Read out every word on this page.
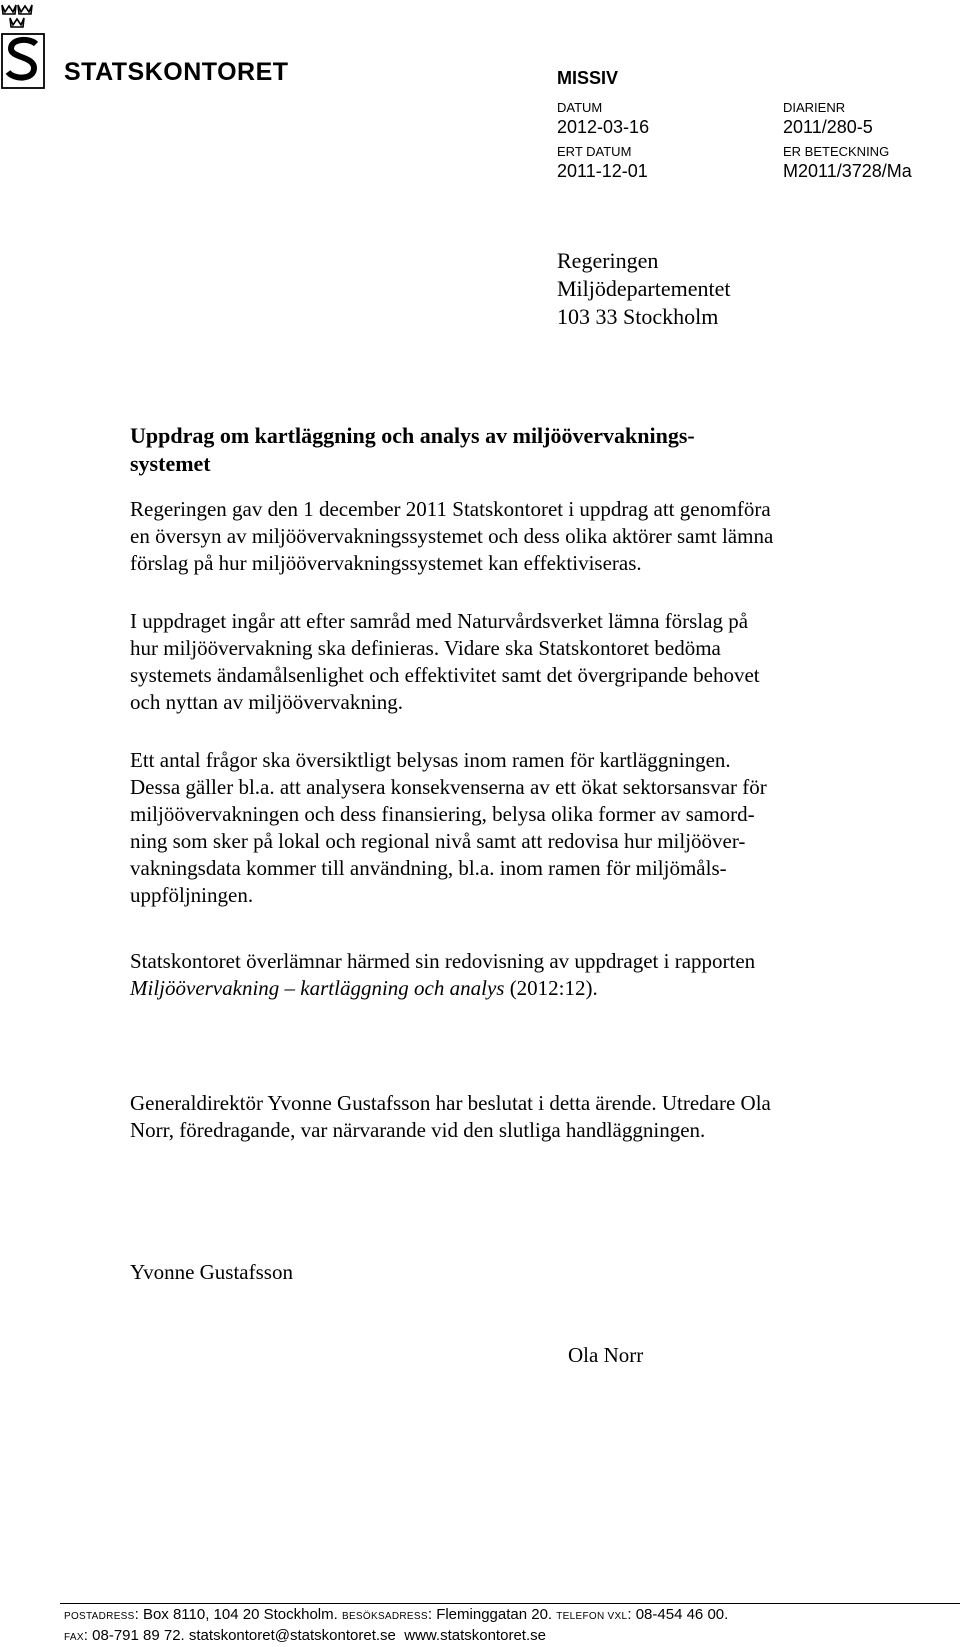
STATSKONTORET	MISSIV
DATUM
2012-03-16
ERT DATUM
2011-12-01
DIARIENR
2011/280-5
ER BETECKNING
M2011/3728/Ma
Regeringen
Miljödepartementet
103 33 Stockholm
Uppdrag om kartläggning och analys av miljöövervaknings-
systemet
Regeringen gav den 1 december 2011 Statskontoret i uppdrag att genomföra
en översyn av miljöövervakningssystemet och dess olika aktörer samt lämna
förslag på hur miljöövervakningssystemet kan effektiviseras.
I uppdraget ingår att efter samråd med Naturvårdsverket lämna förslag på
hur miljöövervakning ska definieras. Vidare ska Statskontoret bedöma
systemets ändamålsenlighet och effektivitet samt det övergripande behovet
och nyttan av miljöövervakning.
Ett antal frågor ska översiktligt belysas inom ramen för kartläggningen.
Dessa gäller bl.a. att analysera konsekvenserna av ett ökat sektorsansvar för
miljöövervakningen och dess finansiering, belysa olika former av samord-
ning som sker på lokal och regional nivå samt att redovisa hur miljööver-
vakningsdata kommer till användning, bl.a. inom ramen för miljömåls-
uppföljningen.
Statskontoret överlämnar härmed sin redovisning av uppdraget i rapporten
Miljöövervakning – kartläggning och analys (2012:12).
Generaldirektör Yvonne Gustafsson har beslutat i detta ärende. Utredare Ola
Norr, föredragande, var närvarande vid den slutliga handläggningen.
Yvonne Gustafsson
Ola Norr
POSTADRESS: Box 8110, 104 20 Stockholm. BESÖKSADRESS: Fleminggatan 20. TELEFON VXL: 08-454 46 00.
FAX: 08-791 89 72. statskontoret@statskontoret.se www.statskontoret.se
